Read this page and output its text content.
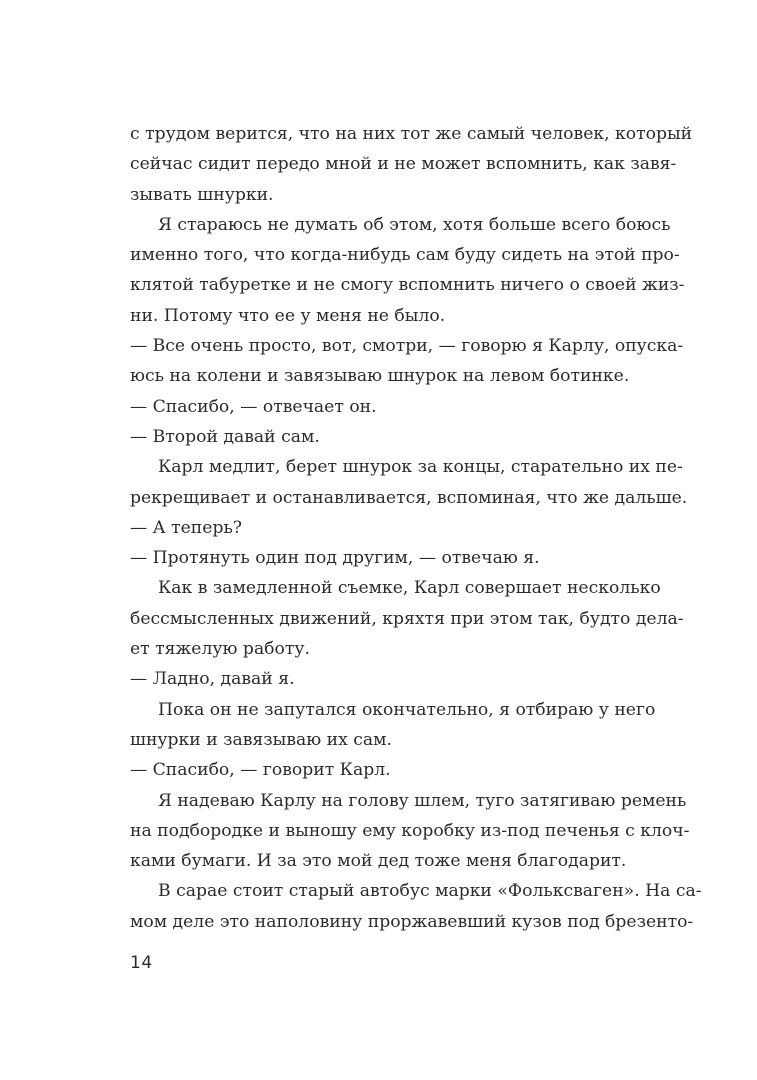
с трудом верится, что на них тот же самый человек, который
сейчас сидит передо мной и не может вспомнить, как завя-
зывать шнурки.
Я стараюсь не думать об этом, хотя больше всего боюсь
именно того, что когда-нибудь сам буду сидеть на этой про-
клятой табуретке и не смогу вспомнить ничего о своей жиз-
ни. Потому что ее у меня не было.
— Все очень просто, вот, смотри, — говорю я Карлу, опуска-
юсь на колени и завязываю шнурок на левом ботинке.
— Спасибо, — отвечает он.
— Второй давай сам.
Карл медлит, берет шнурок за концы, старательно их пе-
рекрещивает и останавливается, вспоминая, что же дальше.
— А теперь?
— Протянуть один под другим, — отвечаю я.
Как в замедленной съемке, Карл совершает несколько
бессмысленных движений, кряхтя при этом так, будто дела-
ет тяжелую работу.
— Ладно, давай я.
Пока он не запутался окончательно, я отбираю у него
шнурки и завязываю их сам.
— Спасибо, — говорит Карл.
Я надеваю Карлу на голову шлем, туго затягиваю ремень
на подбородке и выношу ему коробку из-под печенья с клоч-
ками бумаги. И за это мой дед тоже меня благодарит.
В сарае стоит старый автобус марки «Фольксваген». На са-
мом деле это наполовину проржавевший кузов под брезенто-
14
